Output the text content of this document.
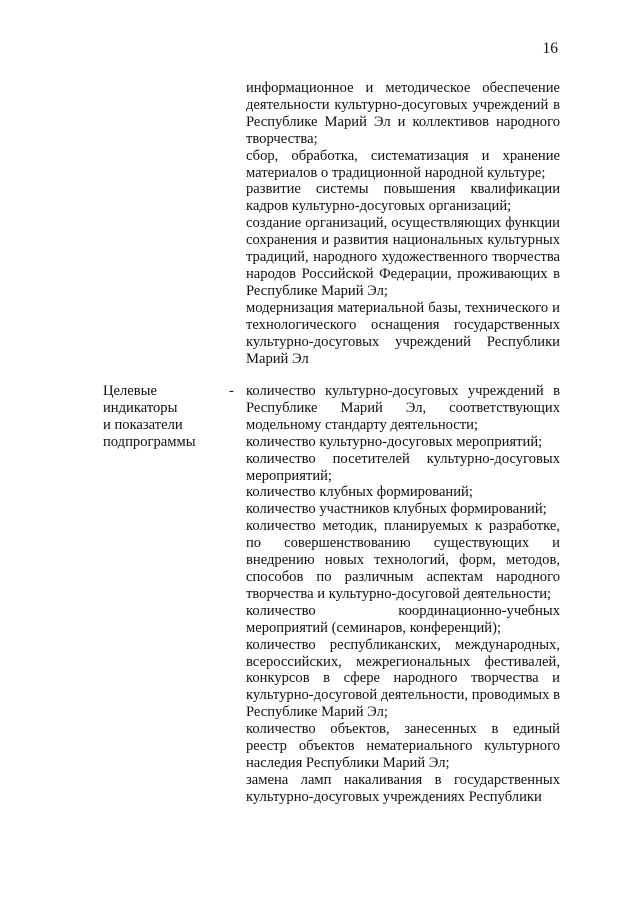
16
информационное и методическое обеспечение деятельности культурно-досуговых учреждений в Республике Марий Эл и коллективов народного творчества;
сбор, обработка, систематизация и хранение материалов о традиционной народной культуре;
развитие системы повышения квалификации кадров культурно-досуговых организаций;
создание организаций, осуществляющих функции сохранения и развития национальных культурных традиций, народного художественного творчества народов Российской Федерации, проживающих в Республике Марий Эл;
модернизация материальной базы, технического и технологического оснащения государственных культурно-досуговых учреждений Республики Марий Эл
Целевые
индикаторы
и показатели
подпрограммы
- количество культурно-досуговых учреждений в Республике Марий Эл, соответствующих модельному стандарту деятельности;
количество культурно-досуговых мероприятий;
количество посетителей культурно-досуговых мероприятий;
количество клубных формирований;
количество участников клубных формирований;
количество методик, планируемых к разработке, по совершенствованию существующих и внедрению новых технологий, форм, методов, способов по различным аспектам народного творчества и культурно-досуговой деятельности;
количество координационно-учебных мероприятий (семинаров, конференций);
количество республиканских, международных, всероссийских, межрегиональных фестивалей, конкурсов в сфере народного творчества и культурно-досуговой деятельности, проводимых в Республике Марий Эл;
количество объектов, занесенных в единый реестр объектов нематериального культурного наследия Республики Марий Эл;
замена ламп накаливания в государственных культурно-досуговых учреждениях Республики
